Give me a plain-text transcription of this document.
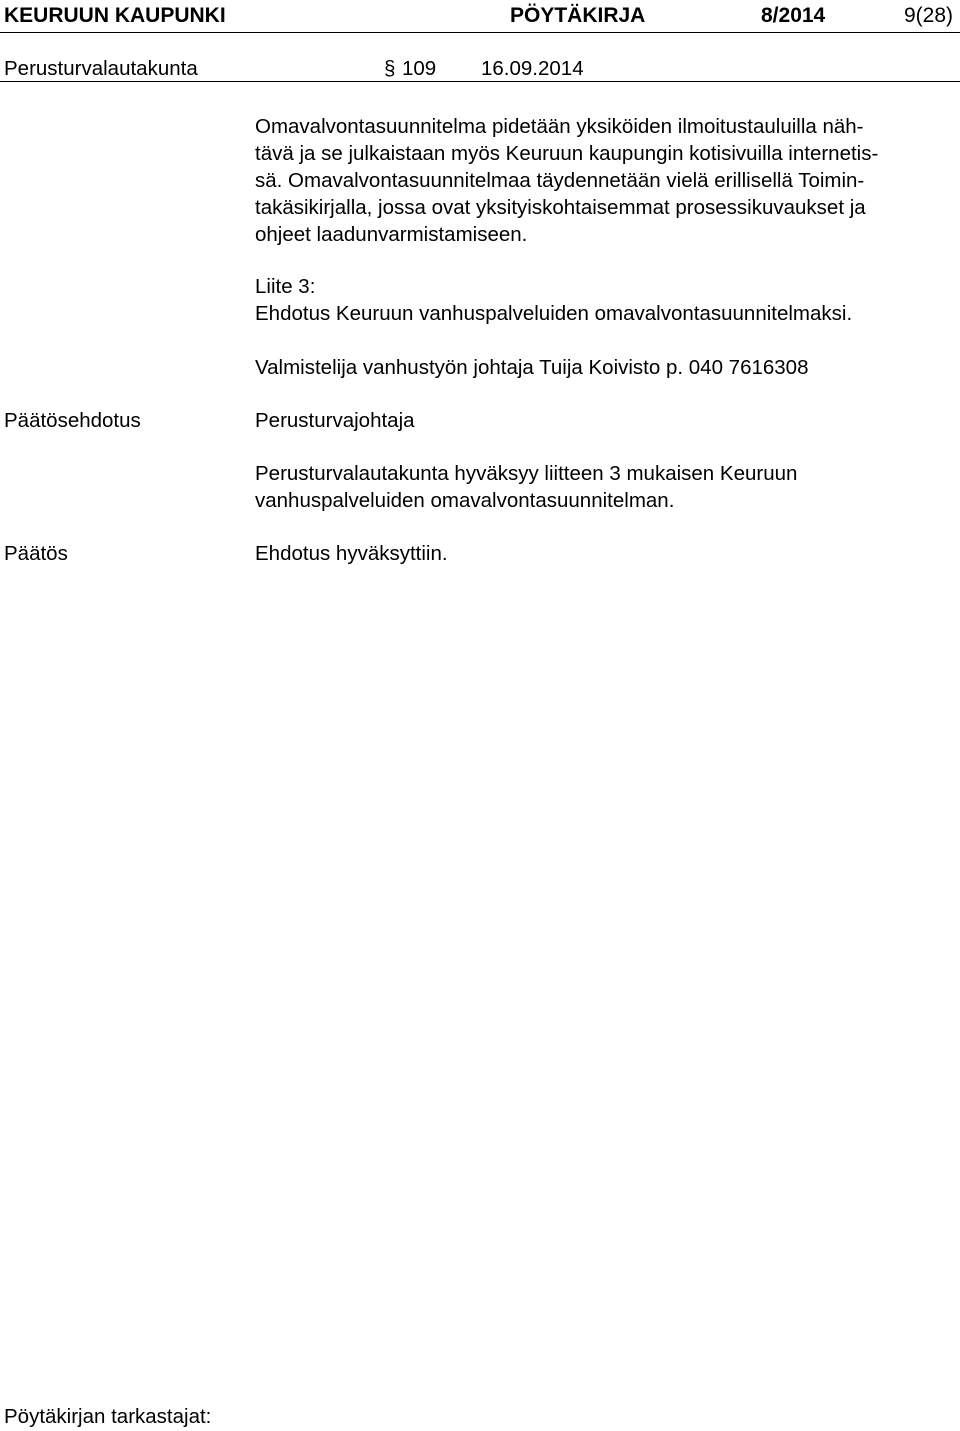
KEURUUN KAUPUNKI	PÖYTÄKIRJA	8/2014	9(28)
Perusturvalautakunta	§ 109 16.09.2014
Omavalvontasuunnitelma pidetään yksiköiden ilmoitustauluilla näh-
tävä ja se julkaistaan myös Keuruun kaupungin kotisivuilla internetis-
sä. Omavalvontasuunnitelmaa täydennetään vielä erillisellä Toimin-
takäsikirjalla, jossa ovat yksityiskohtaisemmat prosessikuvaukset ja
ohjeet laadunvarmistamiseen.
Liite 3:
Ehdotus Keuruun vanhuspalveluiden omavalvontasuunnitelmaksi.
Valmistelija vanhustyön johtaja Tuija Koivisto p. 040 7616308
Päätösehdotus	Perusturvajohtaja
Perusturvalautakunta hyväksyy liitteen 3 mukaisen Keuruun
vanhuspalveluiden omavalvontasuunnitelman.
Päätös	Ehdotus hyväksyttiin.
Pöytäkirjan tarkastajat:
